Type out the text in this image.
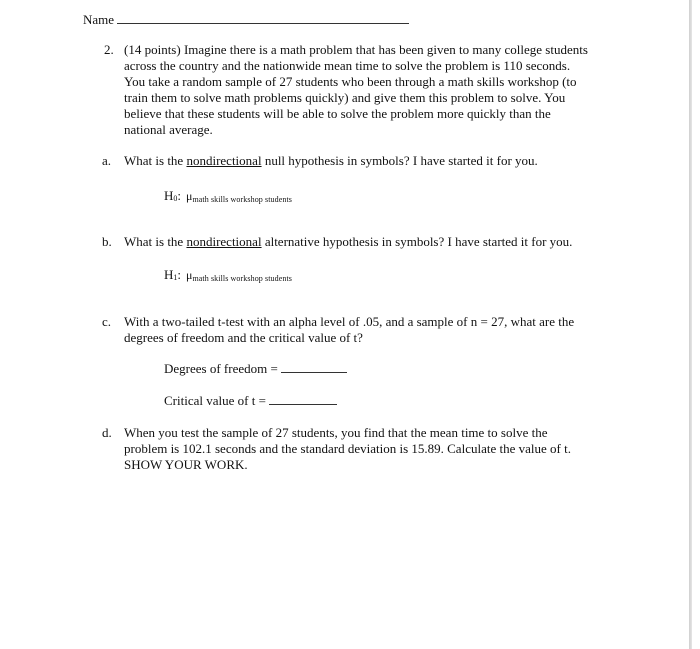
Name
2. (14 points) Imagine there is a math problem that has been given to many college students
across the country and the nationwide mean time to solve the problem is 110 seconds.
You take a random sample of 27 students who been through a math skills workshop (to
train them to solve math problems quickly) and give them this problem to solve. You
believe that these students will be able to solve the problem more quickly than the
national average.
a. What is the nondirectional null hypothesis in symbols? I have started it for you.
H0: μmath skills workshop students
b. What is the nondirectional alternative hypothesis in symbols? I have started it for you.
H1: μmath skills workshop students
c. With a two-tailed t-test with an alpha level of .05, and a sample of n = 27, what are the
degrees of freedom and the critical value of t?
Degrees of freedom =
Critical value of t =
d. When you test the sample of 27 students, you find that the mean time to solve the
problem is 102.1 seconds and the standard deviation is 15.89. Calculate the value of t.
SHOW YOUR WORK.
